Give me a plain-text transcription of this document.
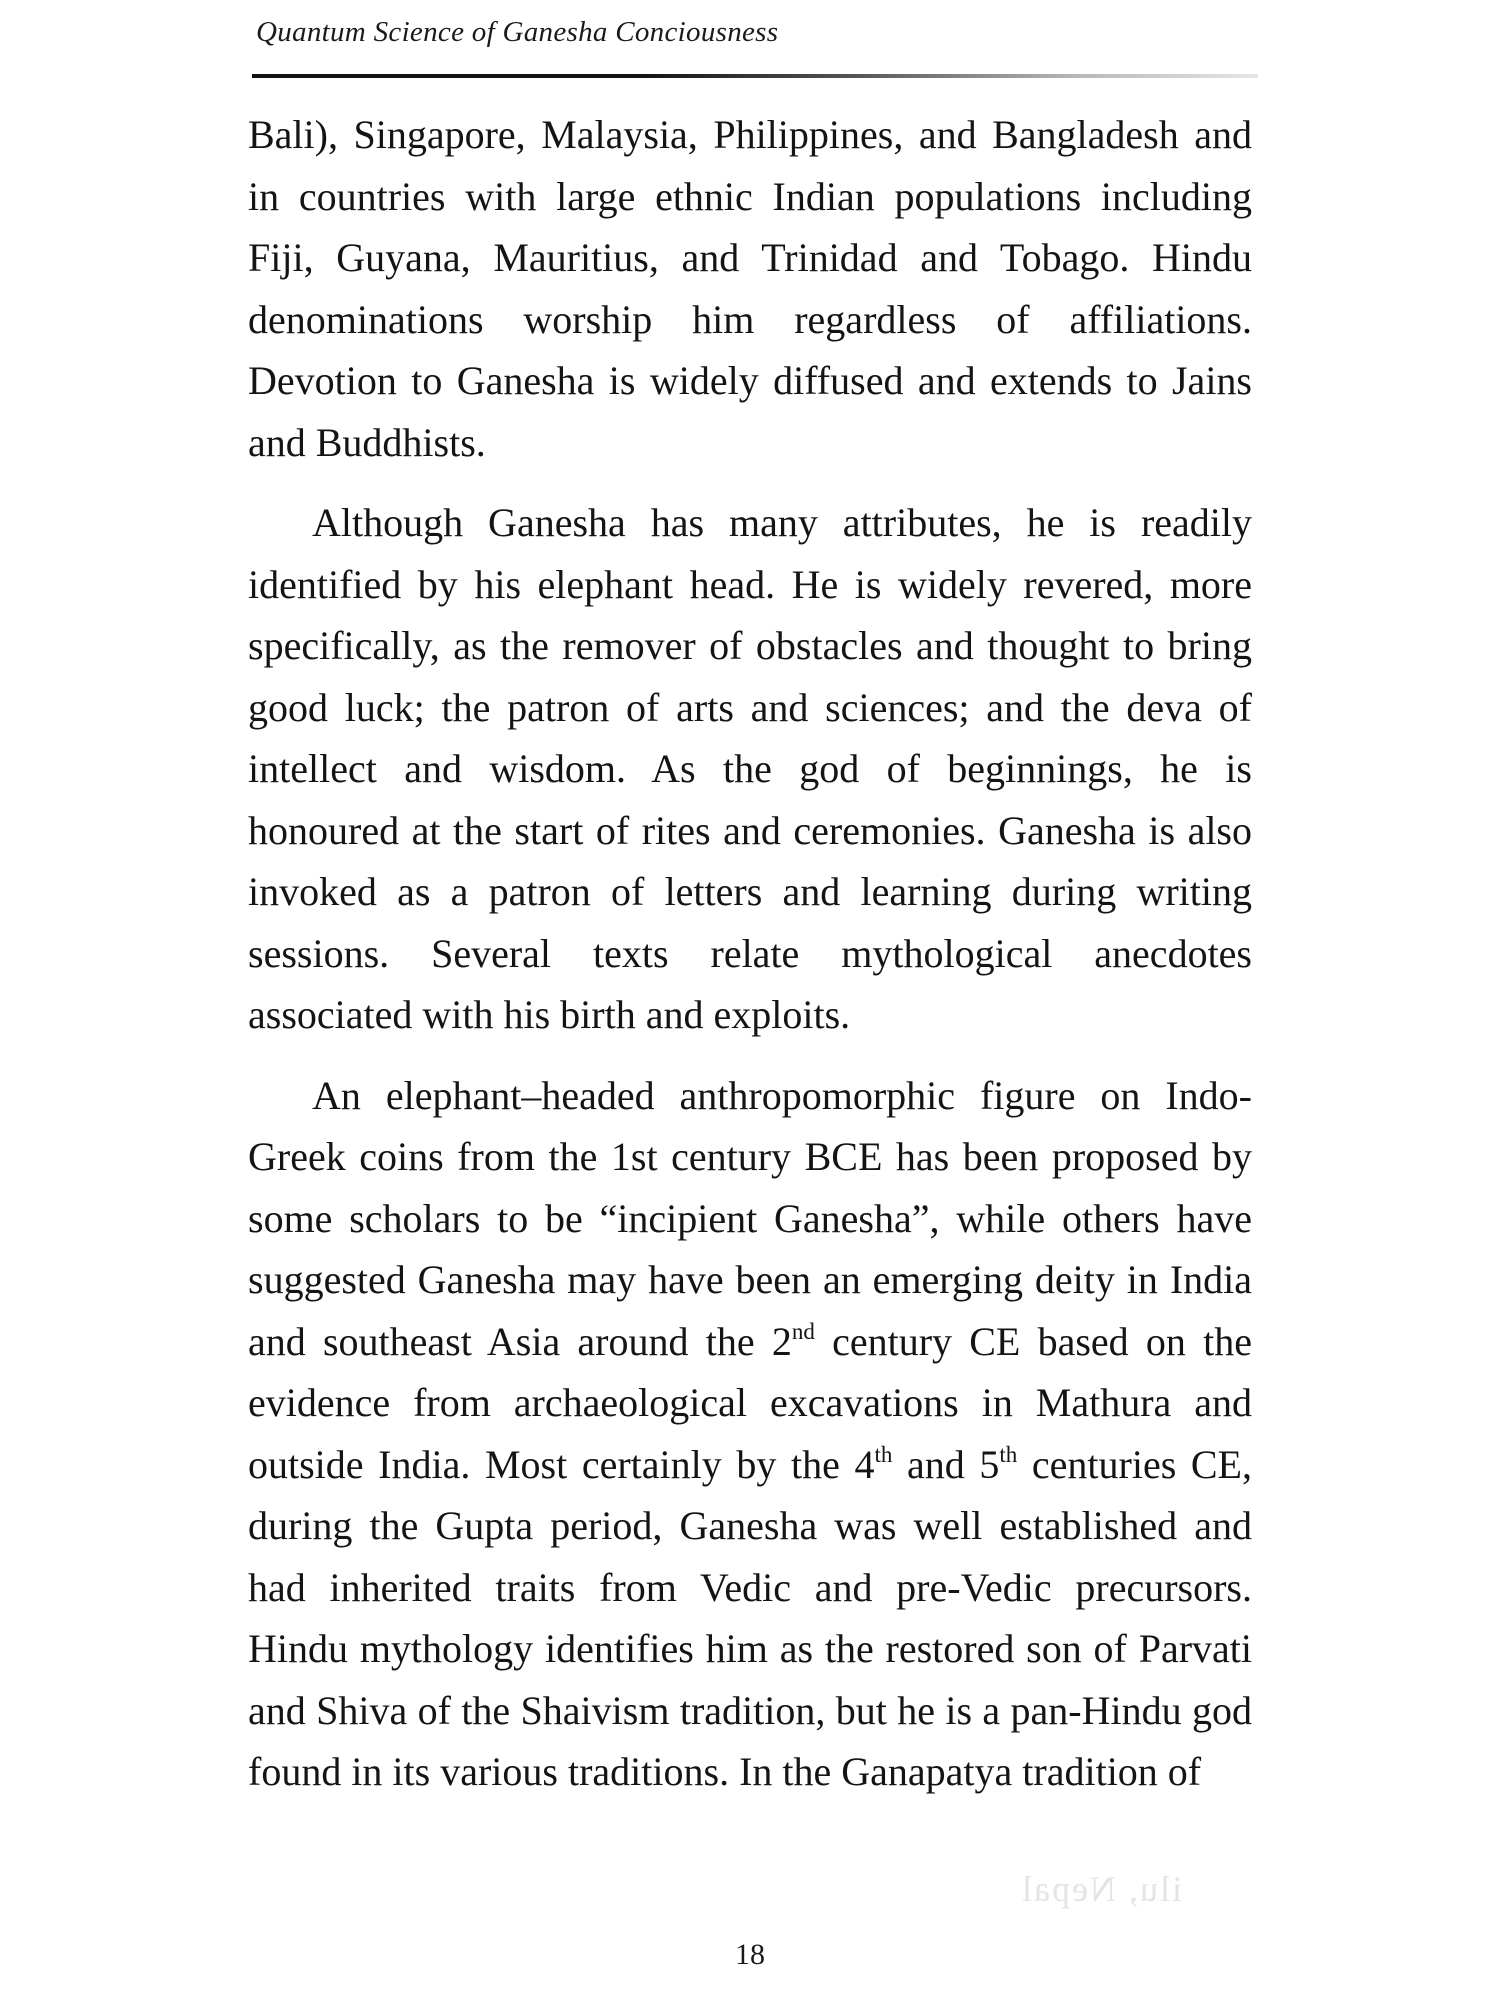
Quantum Science of Ganesha Conciousness

Bali), Singapore, Malaysia, Philippines, and Bangladesh and in countries with large ethnic Indian populations including Fiji, Guyana, Mauritius, and Trinidad and Tobago. Hindu denominations worship him regardless of affiliations. Devotion to Ganesha is widely diffused and extends to Jains and Buddhists.

Although Ganesha has many attributes, he is readily identified by his elephant head. He is widely revered, more specifically, as the remover of obstacles and thought to bring good luck; the patron of arts and sciences; and the deva of intellect and wisdom. As the god of beginnings, he is honoured at the start of rites and ceremonies. Ganesha is also invoked as a patron of letters and learning during writing sessions. Several texts relate mythological anecdotes associated with his birth and exploits.

An elephant–headed anthropomorphic figure on Indo-Greek coins from the 1st century BCE has been proposed by some scholars to be “incipient Ganesha”, while others have suggested Ganesha may have been an emerging deity in India and southeast Asia around the 2nd century CE based on the evidence from archaeological excavations in Mathura and outside India. Most certainly by the 4th and 5th centuries CE, during the Gupta period, Ganesha was well established and had inherited traits from Vedic and pre-Vedic precursors. Hindu mythology identifies him as the restored son of Parvati and Shiva of the Shaivism tradition, but he is a pan-Hindu god found in its various traditions. In the Ganapatya tradition of

ilu, Nepal
18
